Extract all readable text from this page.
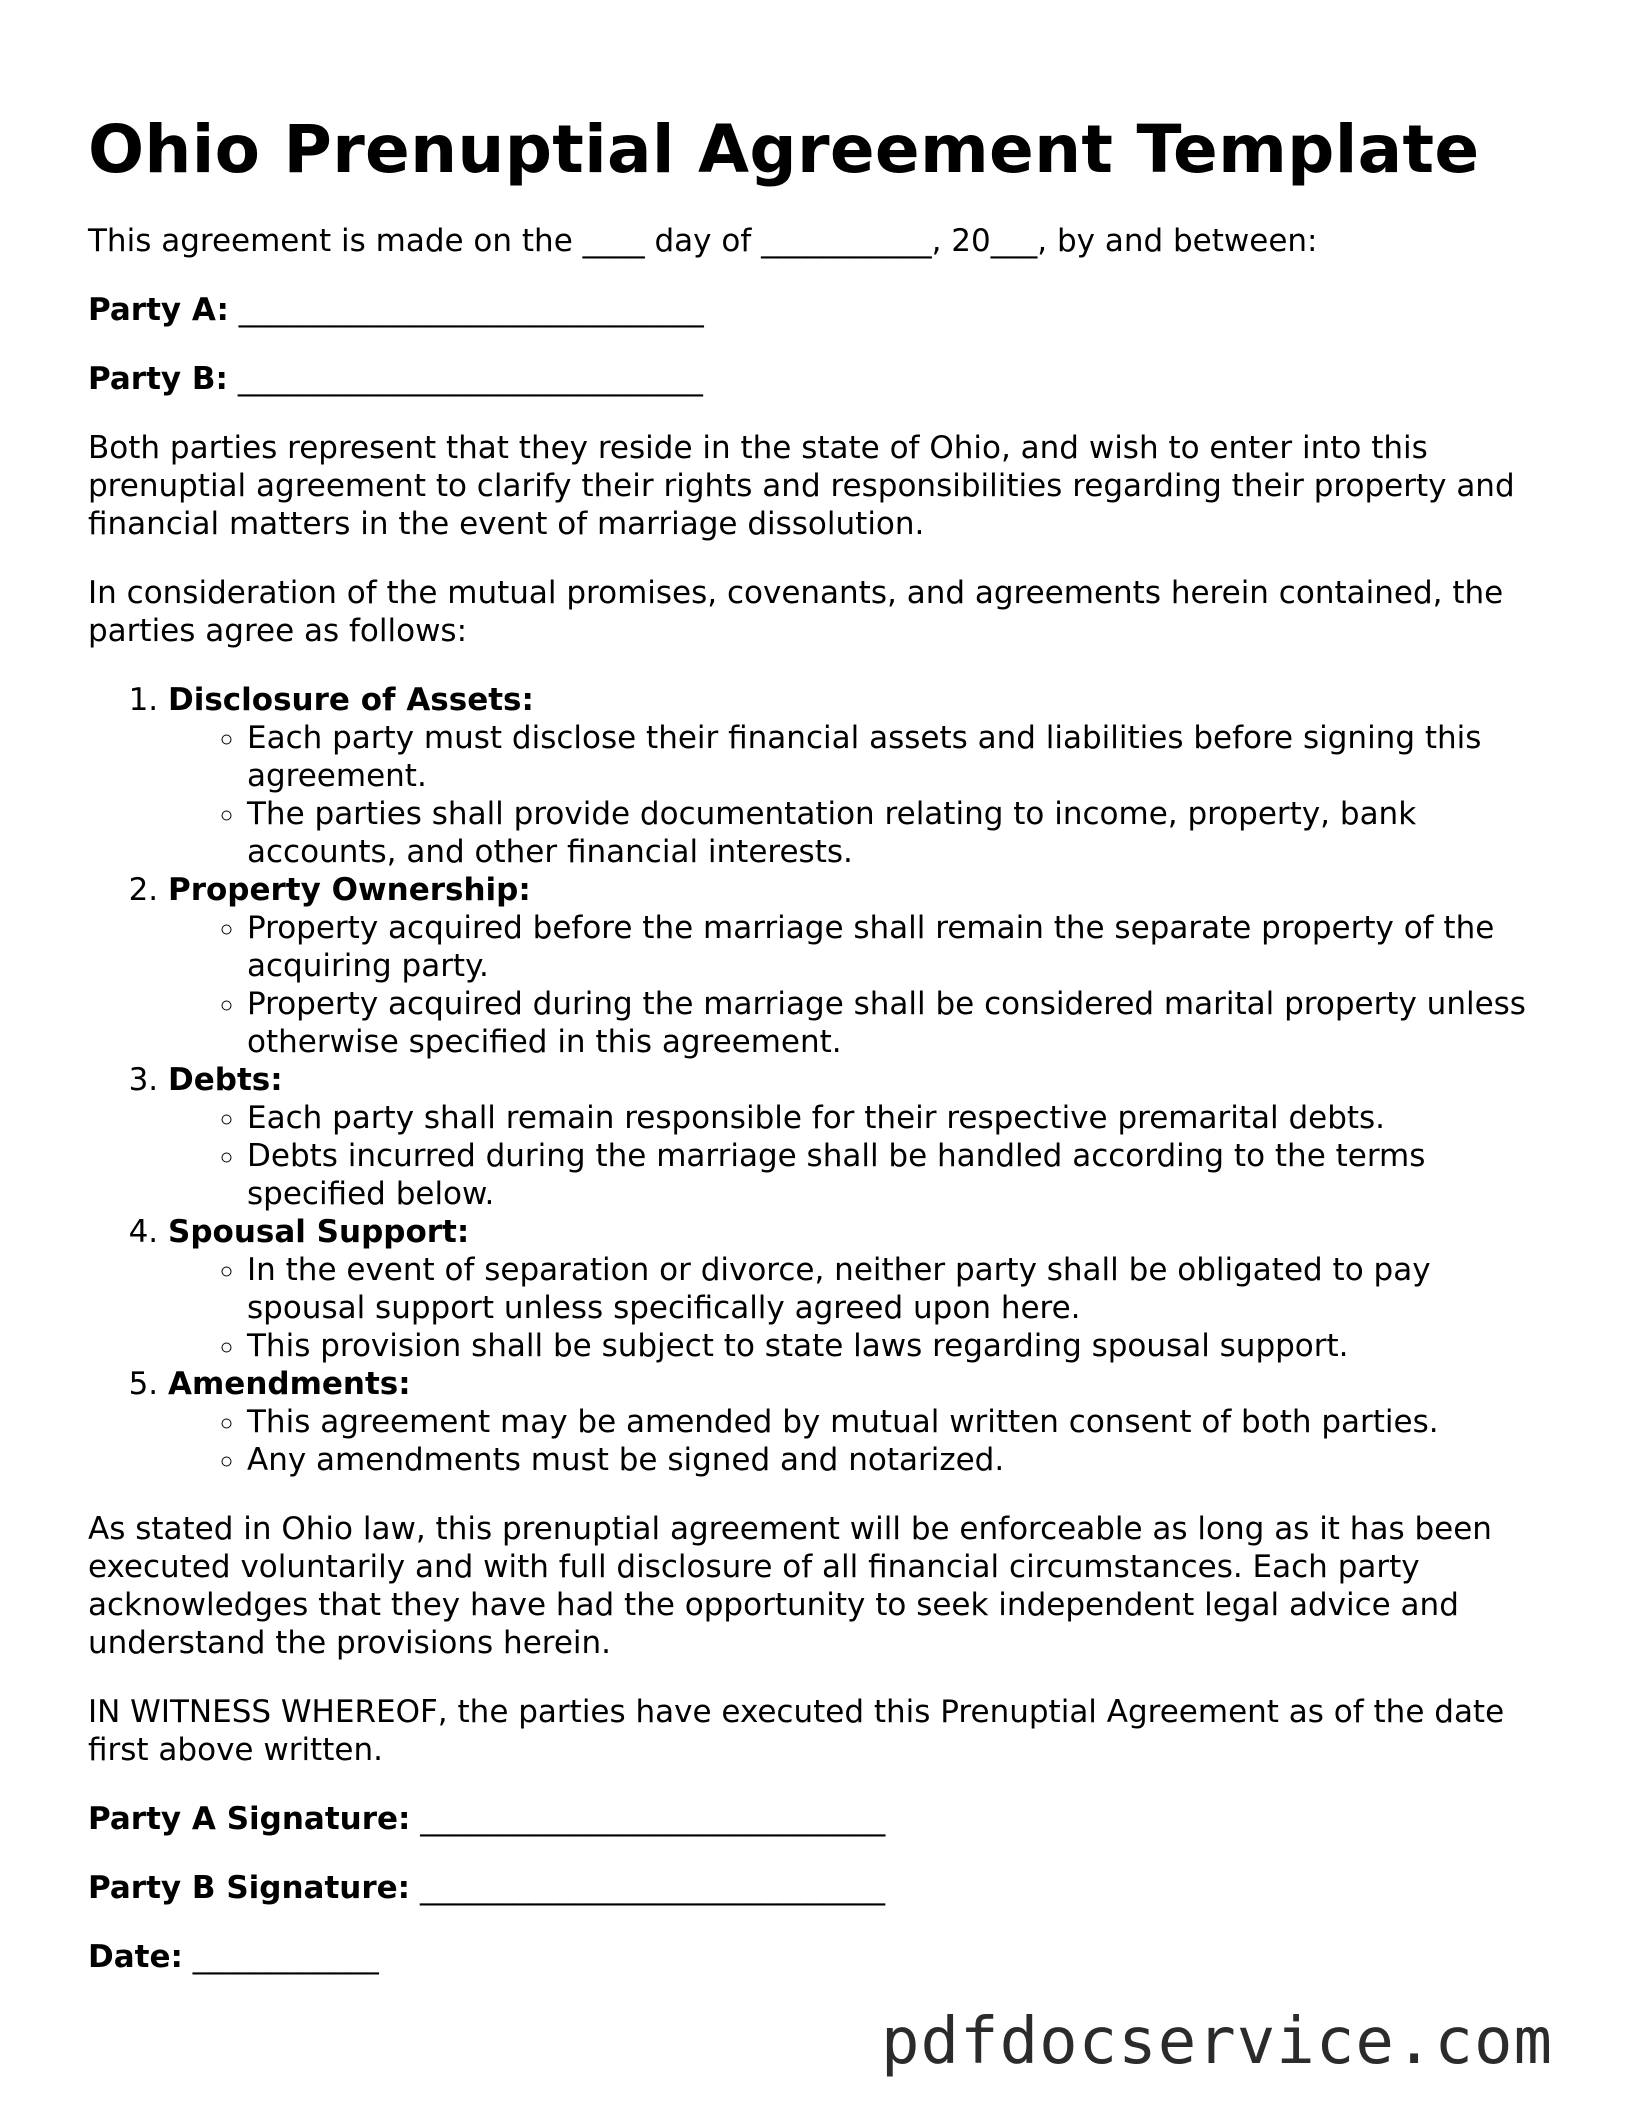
Ohio Prenuptial Agreement Template

This agreement is made on the ____ day of ___________, 20___, by and between:

Party A: ______________________________

Party B: ______________________________

Both parties represent that they reside in the state of Ohio, and wish to enter into this prenuptial agreement to clarify their rights and responsibilities regarding their property and financial matters in the event of marriage dissolution.

In consideration of the mutual promises, covenants, and agreements herein contained, the parties agree as follows:

1. Disclosure of Assets:
◦ Each party must disclose their financial assets and liabilities before signing this agreement.
◦ The parties shall provide documentation relating to income, property, bank accounts, and other financial interests.
2. Property Ownership:
◦ Property acquired before the marriage shall remain the separate property of the acquiring party.
◦ Property acquired during the marriage shall be considered marital property unless otherwise specified in this agreement.
3. Debts:
◦ Each party shall remain responsible for their respective premarital debts.
◦ Debts incurred during the marriage shall be handled according to the terms specified below.
4. Spousal Support:
◦ In the event of separation or divorce, neither party shall be obligated to pay spousal support unless specifically agreed upon here.
◦ This provision shall be subject to state laws regarding spousal support.
5. Amendments:
◦ This agreement may be amended by mutual written consent of both parties.
◦ Any amendments must be signed and notarized.

As stated in Ohio law, this prenuptial agreement will be enforceable as long as it has been executed voluntarily and with full disclosure of all financial circumstances. Each party acknowledges that they have had the opportunity to seek independent legal advice and understand the provisions herein.

IN WITNESS WHEREOF, the parties have executed this Prenuptial Agreement as of the date first above written.

Party A Signature: ______________________________

Party B Signature: ______________________________

Date: ____________

pdfdocservice.com
